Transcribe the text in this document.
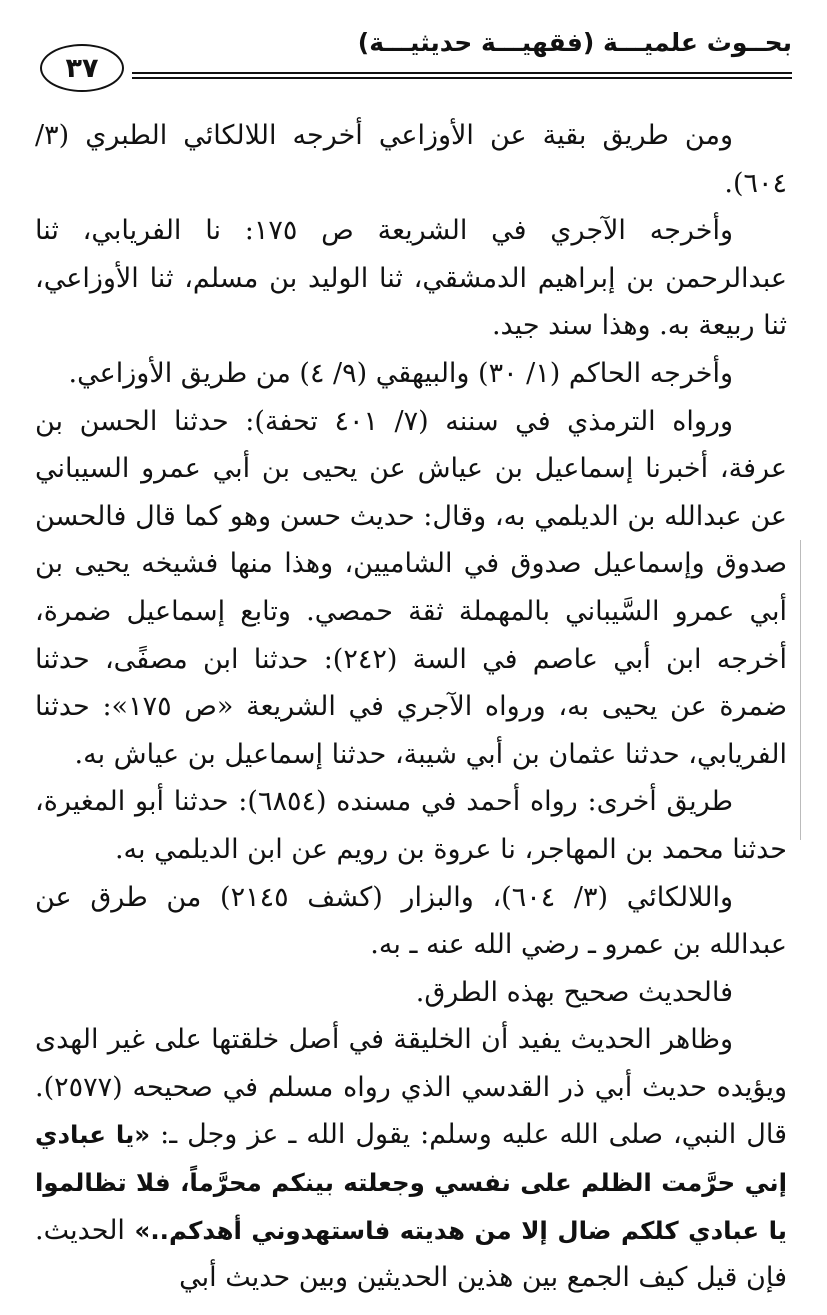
بحــوث علميـــة (فقهيـــة حديثيـــة)
٣٧

ومن طريق بقية عن الأوزاعي أخرجه اللالكائي الطبري (٣/ ٦٠٤).

وأخرجه الآجري في الشريعة ص ١٧٥: نا الفريابي، ثنا عبدالرحمن بن إبراهيم الدمشقي، ثنا الوليد بن مسلم، ثنا الأوزاعي، ثنا ربيعة به. وهذا سند جيد.

وأخرجه الحاكم (١/ ٣٠) والبيهقي (٩/ ٤) من طريق الأوزاعي.

ورواه الترمذي في سننه (٧/ ٤٠١ تحفة): حدثنا الحسن بن عرفة، أخبرنا إسماعيل بن عياش عن يحيى بن أبي عمرو السيباني عن عبدالله بن الديلمي به، وقال: حديث حسن وهو كما قال فالحسن صدوق وإسماعيل صدوق في الشاميين، وهذا منها فشيخه يحيى بن أبي عمرو السَّيباني بالمهملة ثقة حمصي. وتابع إسماعيل ضمرة، أخرجه ابن أبي عاصم في السة (٢٤٢): حدثنا ابن مصفًى، حدثنا ضمرة عن يحيى به، ورواه الآجري في الشريعة «ص ١٧٥»: حدثنا الفريابي، حدثنا عثمان بن أبي شيبة، حدثنا إسماعيل بن عياش به.

طريق أخرى: رواه أحمد في مسنده (٦٨٥٤): حدثنا أبو المغيرة، حدثنا محمد بن المهاجر، نا عروة بن رويم عن ابن الديلمي به.

واللالكائي (٣/ ٦٠٤)، والبزار (كشف ٢١٤٥) من طرق عن عبدالله بن عمرو ـ رضي الله عنه ـ به.

فالحديث صحيح بهذه الطرق.

وظاهر الحديث يفيد أن الخليقة في أصل خلقتها على غير الهدى ويؤيده حديث أبي ذر القدسي الذي رواه مسلم في صحيحه (٢٥٧٧). قال النبي، صلى الله عليه وسلم: يقول الله ـ عز وجل ـ: «يا عبادي إني حرَّمت الظلم على نفسي وجعلته بينكم محرَّماً، فلا تظالموا يا عبادي كلكم ضال إلا من هديته فاستهدوني أهدكم..» الحديث. فإن قيل كيف الجمع بين هذين الحديثين وبين حديث أبي
